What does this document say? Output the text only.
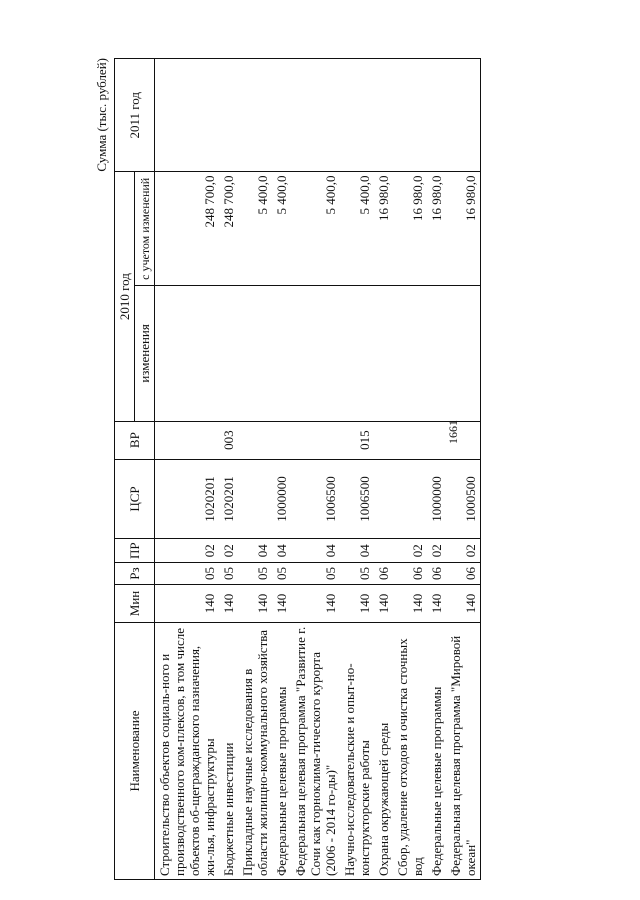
1661
Сумма (тыс. рублей)
Наименование	Мин	Рз	ПР	ЦСР	ВР	2010 год		2011 год
						изменения	с учетом изменений	
Строительство объектов социаль-ного и производственного ком-плексов, в том числе объектов об-щегражданского назначения, жи-лья, инфраструктуры	140	05	02	1020201			248 700,0	
Бюджетные инвестиции	140	05	02	1020201	003		248 700,0	
Прикладные научные исследования в области жилищно-коммунального хозяйства	140	05	04				5 400,0	
Федеральные целевые программы	140	05	04	1000000			5 400,0	
Федеральная целевая программа "Развитие г. Сочи как горноклима-тического курорта (2006 - 2014 го-ды)"	140	05	04	1006500			5 400,0	
Научно-исследовательские и опыт-но-конструкторские работы	140	05	04	1006500	015		5 400,0	
Охрана окружающей среды	140	06					16 980,0	
Сбор, удаление отходов и очистка сточных вод	140	06	02				16 980,0	
Федеральные целевые программы	140	06	02	1000000			16 980,0	
Федеральная целевая программа "Мировой океан"	140	06	02	1000500			16 980,0	
